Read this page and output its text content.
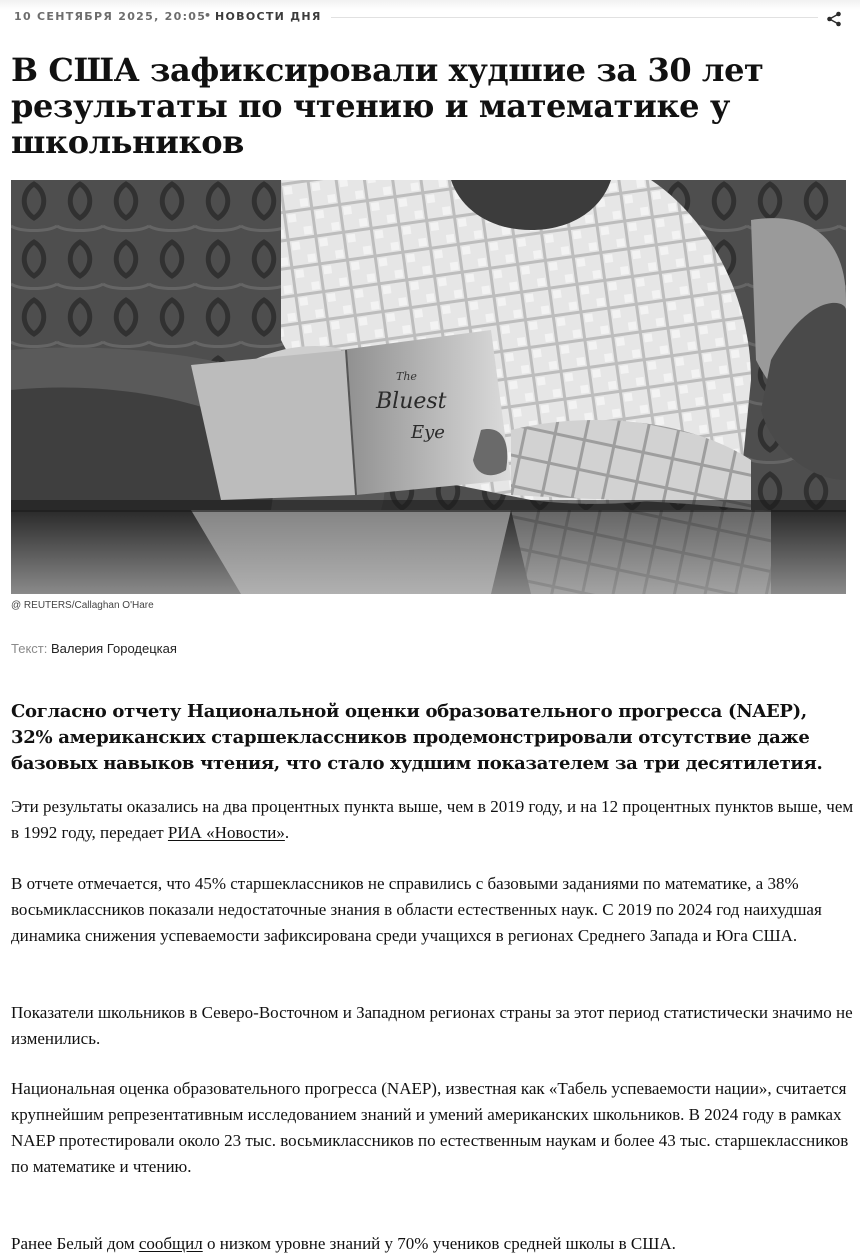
10 СЕНТЯБРЯ 2025, 20:05
• НОВОСТИ ДНЯ
В США зафиксировали худшие за 30 лет результаты по чтению и математике у школьников
The
Bluest
Eye
@ REUTERS/Callaghan O'Hare
Текст: Валерия Городецкая

Согласно отчету Национальной оценки образовательного прогресса (NAEP), 32% американских старшеклассников продемонстрировали отсутствие даже базовых навыков чтения, что стало худшим показателем за три десятилетия.

Эти результаты оказались на два процентных пункта выше, чем в 2019 году, и на 12 процентных пунктов выше, чем в 1992 году, передает РИА «Новости».

В отчете отмечается, что 45% старшеклассников не справились с базовыми заданиями по математике, а 38% восьмиклассников показали недостаточные знания в области естественных наук. С 2019 по 2024 год наихудшая динамика снижения успеваемости зафиксирована среди учащихся в регионах Среднего Запада и Юга США.

Показатели школьников в Северо-Восточном и Западном регионах страны за этот период статистически значимо не изменились.

Национальная оценка образовательного прогресса (NAEP), известная как «Табель успеваемости нации», считается крупнейшим репрезентативным исследованием знаний и умений американских школьников. В 2024 году в рамках NAEP протестировали около 23 тыс. восьмиклассников по естественным наукам и более 43 тыс. старшеклассников по математике и чтению.

Ранее Белый дом сообщил о низком уровне знаний у 70% учеников средней школы в США.
